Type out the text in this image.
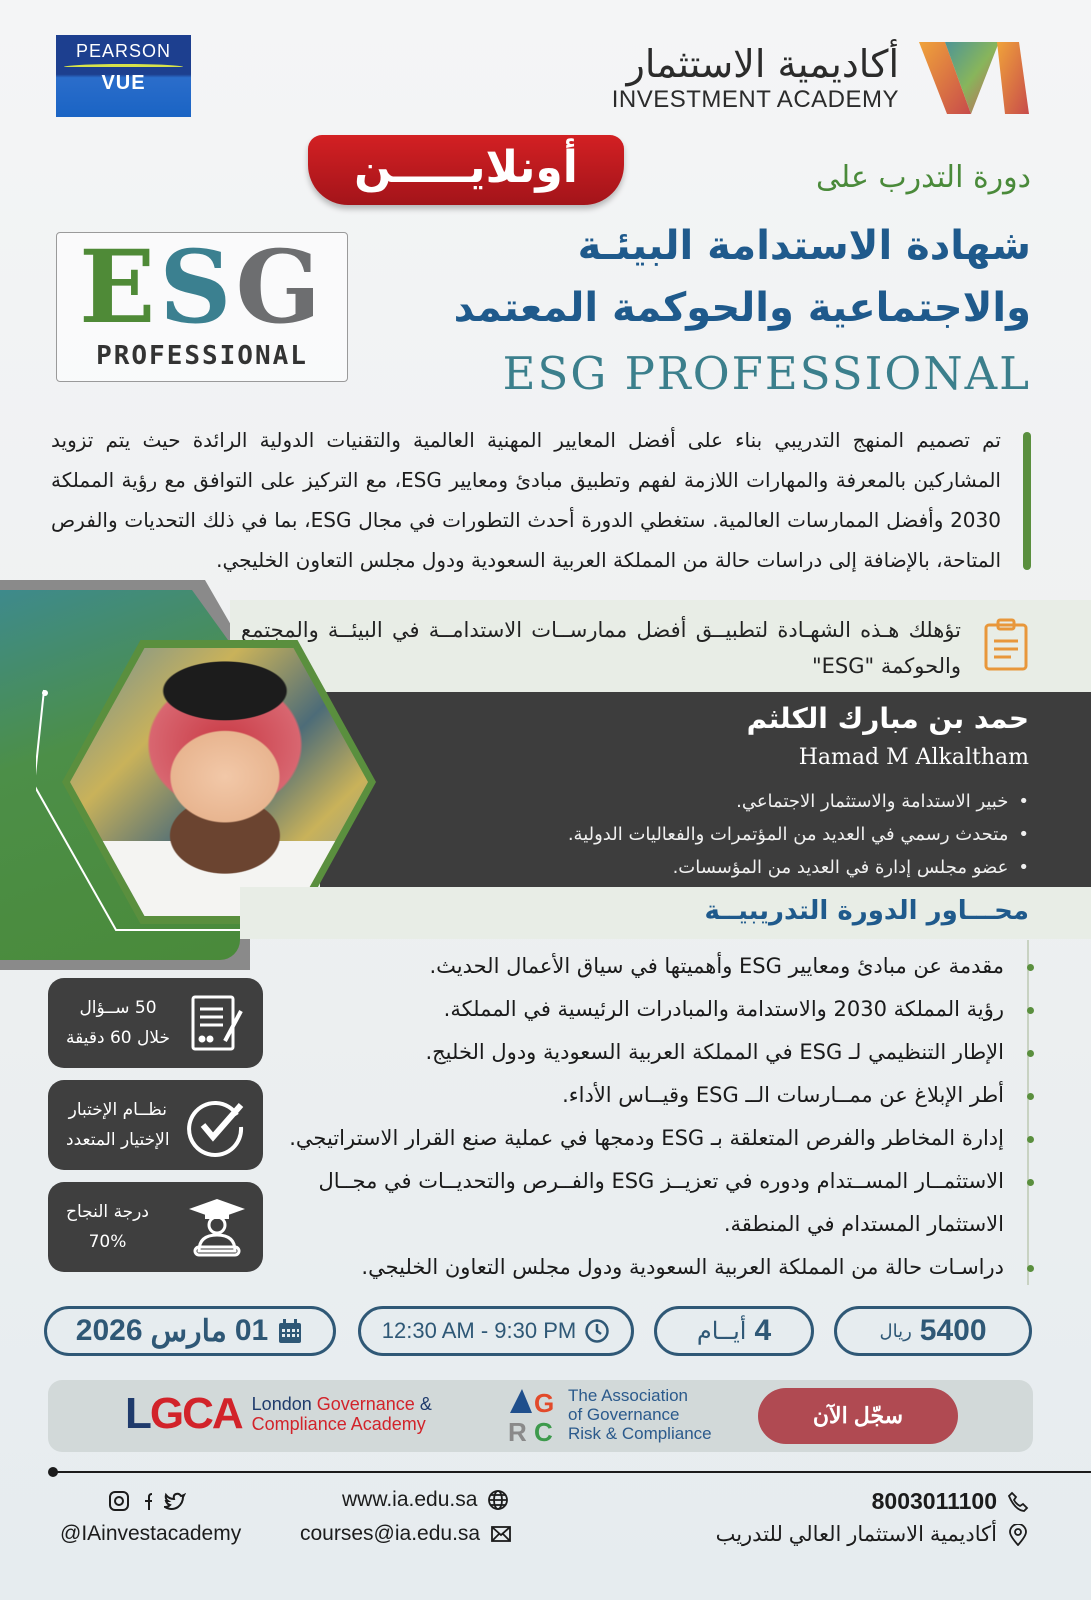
PEARSON
VUE	أكاديمية الاستثمار
INVESTMENT ACADEMY
أونلايـــــن	دورة التدرب على
ESG
PROFESSIONAL
شهادة الاستدامة البيئـة
والاجتماعية والحوكمة المعتمد
ESG PROFESSIONAL

تم تصميم المنهج التدريبي بناء على أفضل المعايير المهنية العالمية والتقنيات الدولية الرائدة حيث يتم تزويد المشاركين بالمعرفة والمهارات اللازمة لفهم وتطبيق مبادئ ومعايير ESG، مع التركيز على التوافق مع رؤية المملكة 2030 وأفضل الممارسات العالمية. ستغطي الدورة أحدث التطورات في مجال ESG، بما في ذلك التحديات والفرص المتاحة، بالإضافة إلى دراسات حالة من المملكة العربية السعودية ودول مجلس التعاون الخليجي.

تؤهلك هـذه الشهـادة لتطبيــق أفضل ممارســات الاستدامــة في البيئــة والمجتمع والحوكمة "ESG"

حمد بن مبارك الكلثم
Hamad M Alkaltham
• خبير الاستدامة والاستثمار الاجتماعي.
• متحدث رسمي في العديد من المؤتمرات والفعاليات الدولية.
• عضو مجلس إدارة في العديد من المؤسسات.
محـــاور الدورة التدريبيــة
مقدمة عن مبادئ ومعايير ESG وأهميتها في سياق الأعمال الحديث.
رؤية المملكة 2030 والاستدامة والمبادرات الرئيسية في المملكة.
الإطار التنظيمي لـ ESG في المملكة العربية السعودية ودول الخليج.
أطر الإبلاغ عن ممــارسات الــ ESG وقيــاس الأداء.
إدارة المخاطر والفرص المتعلقة بـ ESG ودمجها في عملية صنع القرار الاستراتيجي.
الاستثمــار المســتدام ودوره في تعزيــز ESG والفــرص والتحديــات في مجــال الاستثمار المستدام في المنطقة.
دراسـات حالة من المملكة العربية السعودية ودول مجلس التعاون الخليجي.
50 ســؤال
خلال 60 دقيقة
نظــام الإختبار
الإختيار المتعدد
درجة النجاح
70%
5400
ريال
4
أيــام
12:30 AM - 9:30 PM
01
مارس
2026
LGCA London Governance &
Compliance Academy
G
R C
The Association
of Governance
Risk & Compliance
سجّل الآن
@IAinvestacademy
www.ia.edu.sa
courses@ia.edu.sa
8003011100
أكاديمية الاستثمار العالي للتدريب
